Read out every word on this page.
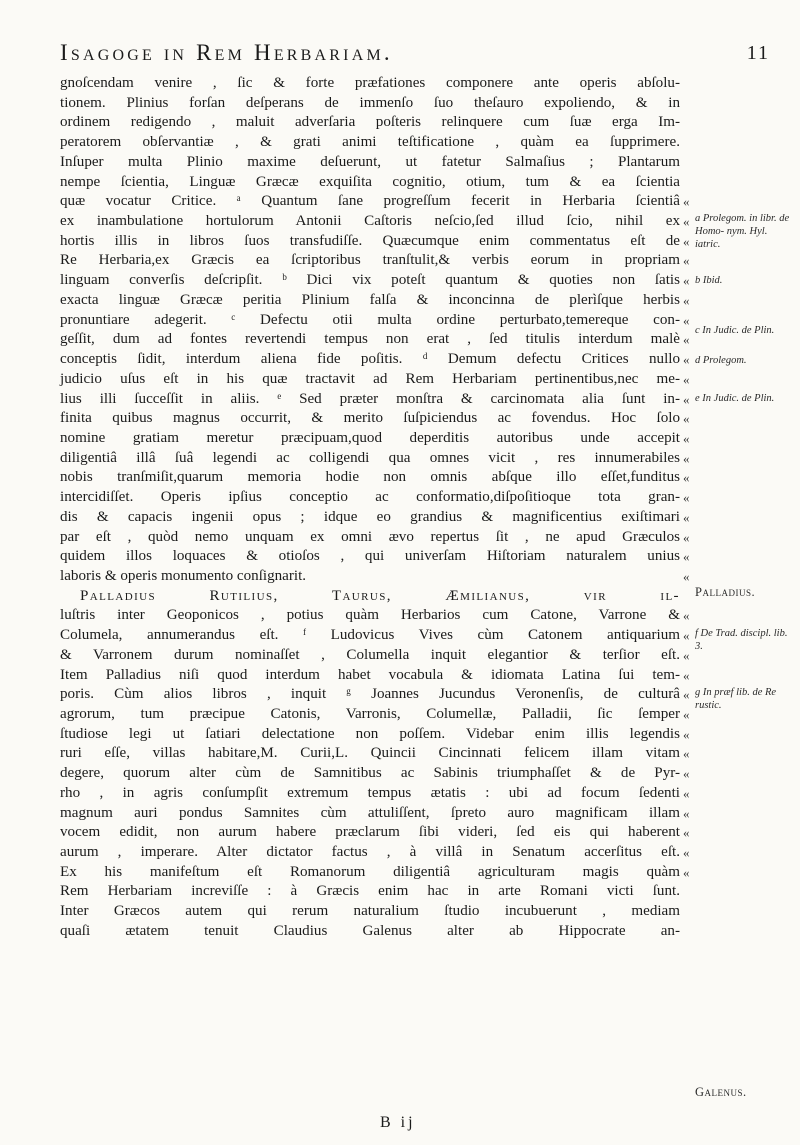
Isagoge in Rem Herbariam.	11
gnoſcendam venire , ſic & forte præfationes componere ante operis abſolu-
tionem. Plinius forſan deſperans de immenſo ſuo theſauro expoliendo, & in
ordinem redigendo , maluit adverſaria poſteris relinquere cum ſuæ erga Im-
peratorem obſervantiæ , & grati animi teſtificatione , quàm ea ſupprimere.
Inſuper multa Plinio maxime deſuerunt, ut fatetur Salmaſius ; Plantarum
nempe ſcientia, Linguæ Græcæ exquiſita cognitio, otium, tum & ea ſcientia
quæ vocatur Critice. ᵃ Quantum ſane progreſſum fecerit in Herbaria ſcientiâ
ex inambulatione hortulorum Antonii Caſtoris neſcio,ſed illud ſcio, nihil ex
hortis illis in libros ſuos transfudiſſe. Quæcumque enim commentatus eſt de
Re Herbaria,ex Græcis ea ſcriptoribus tranſtulit,& verbis eorum in propriam
linguam converſis deſcripſit. ᵇ Dici vix poteſt quantum & quoties non ſatis
exacta linguæ Græcæ peritia Plinium falſa & inconcinna de plerìſque herbis
pronuntiare adegerit. ᶜ Defectu otii multa ordine perturbato,temereque con-
geſſit, dum ad fontes revertendi tempus non erat , ſed titulis interdum malè
conceptis ſidit, interdum aliena fide poſitis. ᵈ Demum defectu Critices nullo
judicio uſus eſt in his quæ tractavit ad Rem Herbariam pertinentibus,nec me-
lius illi ſucceſſit in aliis. ᵉ Sed præter monſtra & carcinomata alia ſunt in-
finita quibus magnus occurrit, & merito ſuſpiciendus ac fovendus. Hoc ſolo
nomine gratiam meretur præcipuam,quod deperditis autoribus unde accepit
diligentiâ illâ ſuâ legendi ac colligendi qua omnes vicit , res innumerabiles
nobis tranſmiſit,quarum memoria hodie non omnis abſque illo eſſet,funditus
intercidiſſet. Operis ipſius conceptio ac conformatio,diſpoſitioque tota gran-
dis & capacis ingenii opus ; idque eo grandius & magnificentius exiſtimari
par eſt , quòd nemo unquam ex omni ævo repertus ſit , ne apud Græculos
quidem illos loquaces & otioſos , qui univerſam Hiſtoriam naturalem unius
laboris & operis monumento conſignarit.
Palladius Rutilius, Taurus, Æmilianus, vir il-
luſtris inter Geoponicos , potius quàm Herbarios cum Catone, Varrone &
Columela, annumerandus eſt. ᶠ Ludovicus Vives cùm Catonem antiquarium
& Varronem durum nominaſſet , Columella inquit elegantior & terſior eſt.
Item Palladius niſi quod interdum habet vocabula & idiomata Latina ſui tem-
poris. Cùm alios libros , inquit ᵍ Joannes Jucundus Veronenſis, de culturâ
agrorum, tum præcipue Catonis, Varronis, Columellæ, Palladii, ſic ſemper
ſtudiose legi ut ſatiari delectatione non poſſem. Videbar enim illis legendis
ruri eſſe, villas habitare,M. Curii,L. Quincii Cincinnati felicem illam vitam
degere, quorum alter cùm de Samnitibus ac Sabinis triumphaſſet & de Pyr-
rho , in agris conſumpſit extremum tempus ætatis : ubi ad focum ſedenti
magnum auri pondus Samnites cùm attuliſſent, ſpreto auro magnificam illam
vocem edidit, non aurum habere præclarum ſibi videri, ſed eis qui haberent
aurum , imperare. Alter dictator factus , à villâ in Senatum accerſitus eſt.
Ex his manifeſtum eſt Romanorum diligentiâ agriculturam magis quàm
Rem Herbariam increviſſe : à Græcis enim hac in arte Romani victi ſunt.
Inter Græcos autem qui rerum naturalium ſtudio incubuerunt , mediam
quaſi ætatem tenuit Claudius Galenus alter ab Hippocrate an-
«
«
«
«
«
«
«
«
«
«
«
«
«
«
«
«
«
«
«
«
«
«
«
«
«
«
«
«
«
«
«
«
«
«
a Prolegom. in libr. de Homo- nym. Hyl. iatric.
b Ibid.
c In Judic. de Plin.
d Prolegom.
e In Judic. de Plin.
Palladius.
f De Trad. discipl. lib. 3.
g In præf lib. de Re rustic.
Galenus.
B ij
